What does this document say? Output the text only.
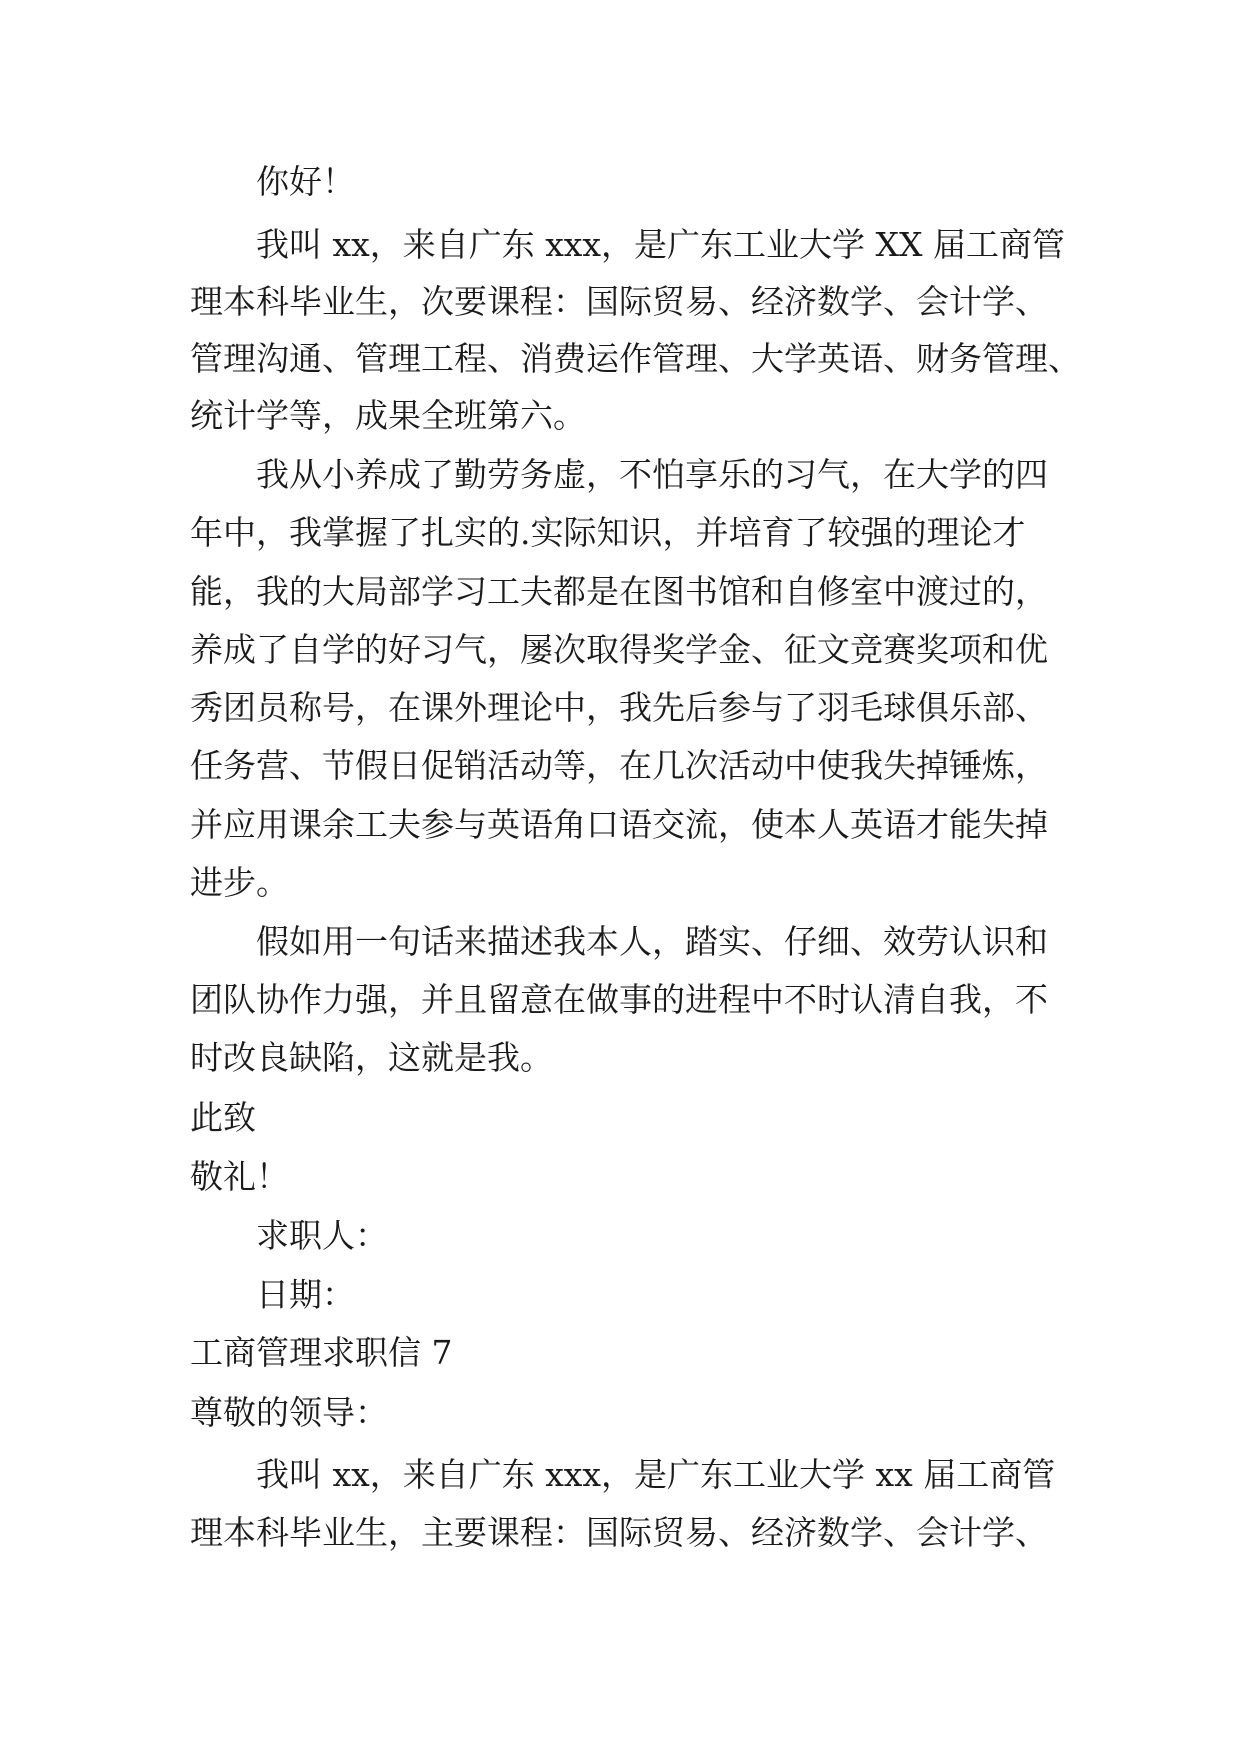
你好！

我叫 xx，来自广东 xxx，是广东工业大学 XX 届工商管

理本科毕业生，次要课程：国际贸易、经济数学、会计学、

管理沟通、管理工程、消费运作管理、大学英语、财务管理、

统计学等，成果全班第六。

我从小养成了勤劳务虚，不怕享乐的习气，在大学的四

年中，我掌握了扎实的.实际知识，并培育了较强的理论才

能，我的大局部学习工夫都是在图书馆和自修室中渡过的，

养成了自学的好习气，屡次取得奖学金、征文竞赛奖项和优

秀团员称号，在课外理论中，我先后参与了羽毛球俱乐部、

任务营、节假日促销活动等，在几次活动中使我失掉锤炼，

并应用课余工夫参与英语角口语交流，使本人英语才能失掉

进步。

假如用一句话来描述我本人，踏实、仔细、效劳认识和

团队协作力强，并且留意在做事的进程中不时认清自我，不

时改良缺陷，这就是我。

此致

敬礼！

求职人：

日期：

工商管理求职信 7

尊敬的领导：

我叫 xx，来自广东 xxx，是广东工业大学 xx 届工商管

理本科毕业生，主要课程：国际贸易、经济数学、会计学、
